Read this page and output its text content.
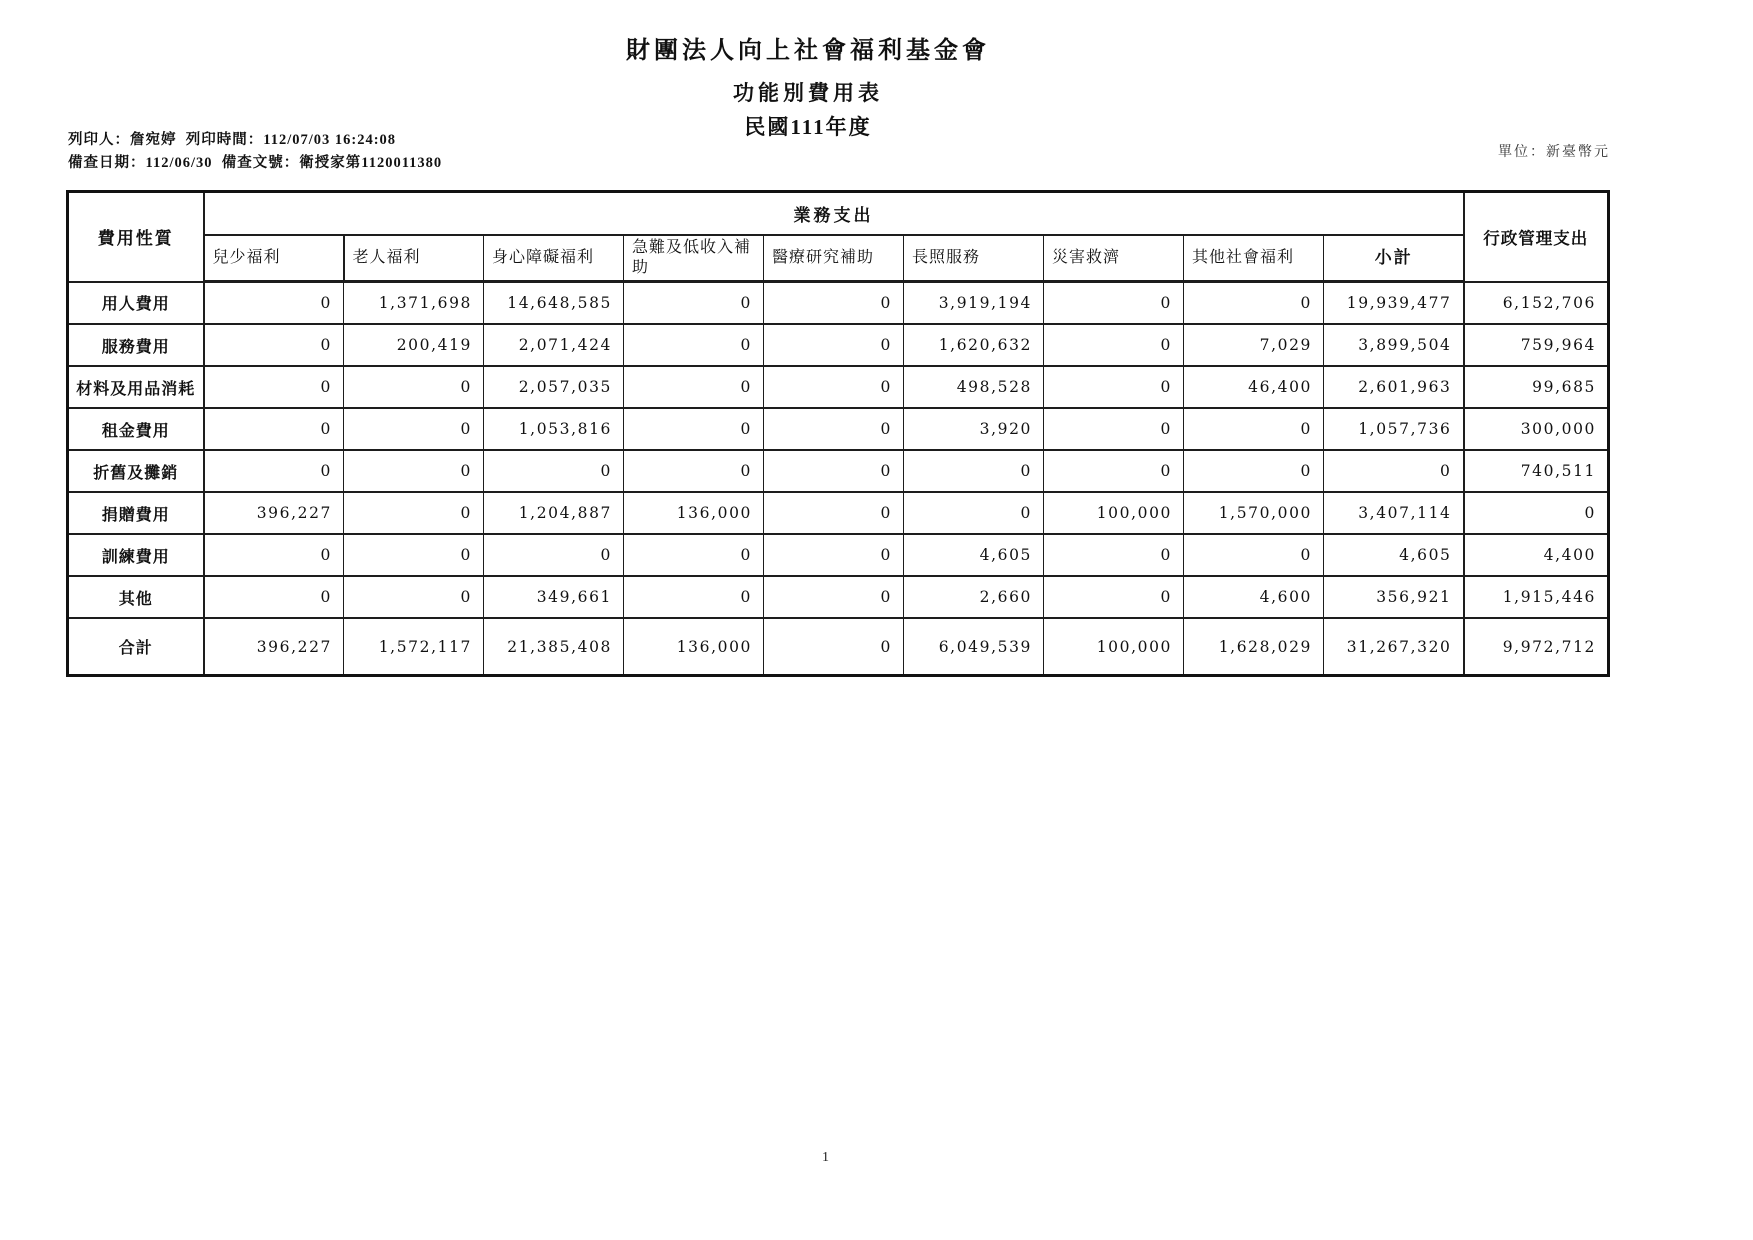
財團法人向上社會福利基金會
功能別費用表
民國111年度
列印人：詹宛婷  列印時間：112/07/03 16:24:08
備查日期：112/06/30  備查文號：衛授家第1120011380
單位：新臺幣元
費用性質	業務支出									行政管理支出
	兒少福利	老人福利	身心障礙福利	急難及低收入補助	醫療研究補助	長照服務	災害救濟	其他社會福利	小計	
用人費用	0	1,371,698	14,648,585	0	0	3,919,194	0	0	19,939,477	6,152,706
服務費用	0	200,419	2,071,424	0	0	1,620,632	0	7,029	3,899,504	759,964
材料及用品消耗	0	0	2,057,035	0	0	498,528	0	46,400	2,601,963	99,685
租金費用	0	0	1,053,816	0	0	3,920	0	0	1,057,736	300,000
折舊及攤銷	0	0	0	0	0	0	0	0	0	740,511
捐贈費用	396,227	0	1,204,887	136,000	0	0	100,000	1,570,000	3,407,114	0
訓練費用	0	0	0	0	0	4,605	0	0	4,605	4,400
其他	0	0	349,661	0	0	2,660	0	4,600	356,921	1,915,446
合計	396,227	1,572,117	21,385,408	136,000	0	6,049,539	100,000	1,628,029	31,267,320	9,972,712
1
